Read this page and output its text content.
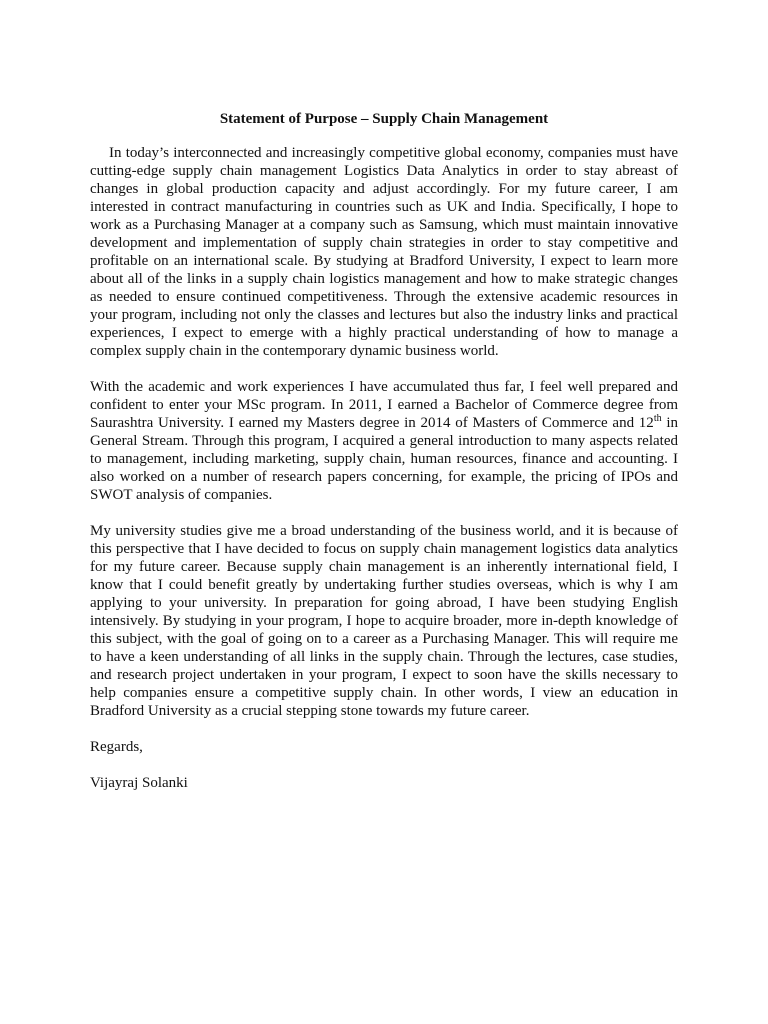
Statement of Purpose – Supply Chain Management

In today’s interconnected and increasingly competitive global economy, companies must have cutting-edge supply chain management Logistics Data Analytics in order to stay abreast of changes in global production capacity and adjust accordingly. For my future career, I am interested in contract manufacturing in countries such as UK and India. Specifically, I hope to work as a Purchasing Manager at a company such as Samsung, which must maintain innovative development and implementation of supply chain strategies in order to stay competitive and profitable on an international scale. By studying at Bradford University, I expect to learn more about all of the links in a supply chain logistics management and how to make strategic changes as needed to ensure continued competitiveness. Through the extensive academic resources in your program, including not only the classes and lectures but also the industry links and practical experiences, I expect to emerge with a highly practical understanding of how to manage a complex supply chain in the contemporary dynamic business world.

With the academic and work experiences I have accumulated thus far, I feel well prepared and confident to enter your MSc program. In 2011, I earned a Bachelor of Commerce degree from Saurashtra University. I earned my Masters degree in 2014 of Masters of Commerce and 12th in General Stream. Through this program, I acquired a general introduction to many aspects related to management, including marketing, supply chain, human resources, finance and accounting. I also worked on a number of research papers concerning, for example, the pricing of IPOs and SWOT analysis of companies.

My university studies give me a broad understanding of the business world, and it is because of this perspective that I have decided to focus on supply chain management logistics data analytics for my future career. Because supply chain management is an inherently international field, I know that I could benefit greatly by undertaking further studies overseas, which is why I am applying to your university. In preparation for going abroad, I have been studying English intensively. By studying in your program, I hope to acquire broader, more in-depth knowledge of this subject, with the goal of going on to a career as a Purchasing Manager. This will require me to have a keen understanding of all links in the supply chain. Through the lectures, case studies, and research project undertaken in your program, I expect to soon have the skills necessary to help companies ensure a competitive supply chain. In other words, I view an education in Bradford University as a crucial stepping stone towards my future career.

Regards,

Vijayraj Solanki
